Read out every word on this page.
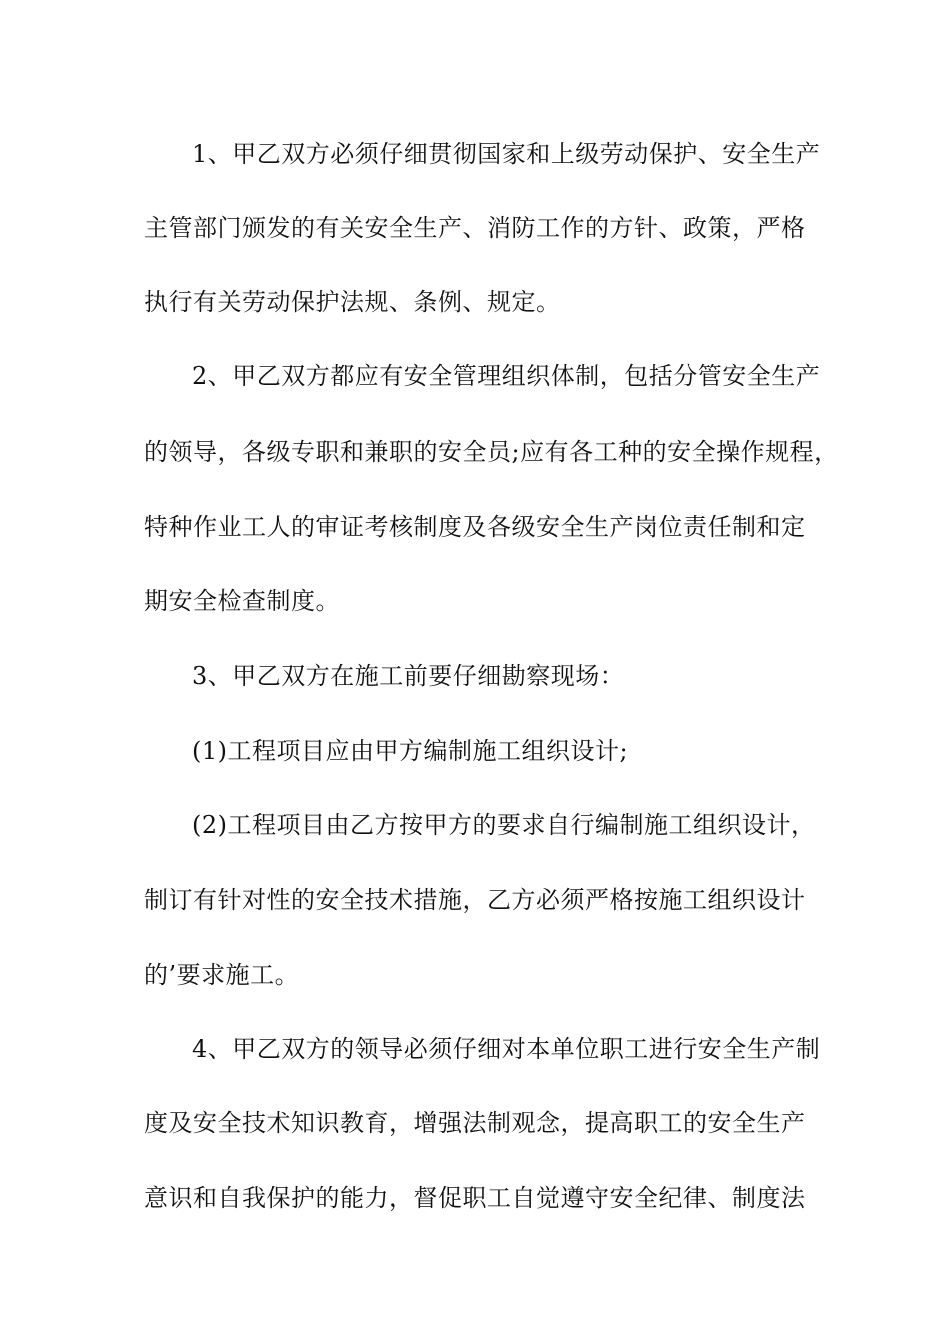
1、甲乙双方必须仔细贯彻国家和上级劳动保护、安全生产
主管部门颁发的有关安全生产、消防工作的方针、政策，严格
执行有关劳动保护法规、条例、规定。
2、甲乙双方都应有安全管理组织体制，包括分管安全生产
的领导，各级专职和兼职的安全员;应有各工种的安全操作规程，
特种作业工人的审证考核制度及各级安全生产岗位责任制和定
期安全检查制度。
3、甲乙双方在施工前要仔细勘察现场：
(1)工程项目应由甲方编制施工组织设计;
(2)工程项目由乙方按甲方的要求自行编制施工组织设计，
制订有针对性的安全技术措施，乙方必须严格按施工组织设计
的’要求施工。
4、甲乙双方的领导必须仔细对本单位职工进行安全生产制
度及安全技术知识教育，增强法制观念，提高职工的安全生产
意识和自我保护的能力，督促职工自觉遵守安全纪律、制度法
